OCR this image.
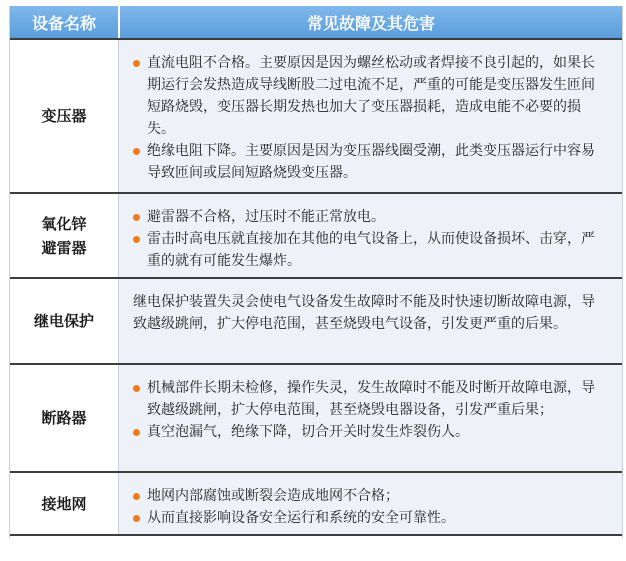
设备名称	常见故障及其危害
变压器
直流电阻不合格。主要原因是因为螺丝松动或者焊接不良引起的，如果长期运行会发热造成导线断股二过电流不足，严重的可能是变压器发生匝间短路烧毁，变压器长期发热也加大了变压器损耗，造成电能不必要的损失。
绝缘电阻下降。主要原因是因为变压器线圈受潮，此类变压器运行中容易导致匝间或层间短路烧毁变压器。
氧化锌
避雷器
避雷器不合格，过压时不能正常放电。
雷击时高电压就直接加在其他的电气设备上，从而使设备损坏、击穿，严重的就有可能发生爆炸。
继电保护

继电保护装置失灵会使电气设备发生故障时不能及时快速切断故障电源，导致越级跳闸，扩大停电范围，甚至烧毁电气设备，引发更严重的后果。

断路器
机械部件长期未检修，操作失灵，发生故障时不能及时断开故障电源，导致越级跳闸，扩大停电范围，甚至烧毁电器设备，引发严重后果；
真空泡漏气，绝缘下降，切合开关时发生炸裂伤人。
接地网	地网内部腐蚀或断裂会造成地网不合格；
从而直接影响设备安全运行和系统的安全可靠性。
